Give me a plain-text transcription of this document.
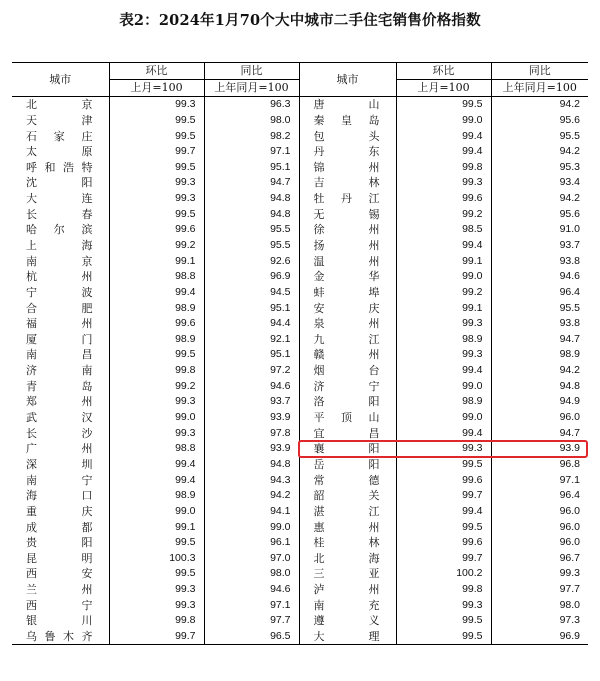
表2：2024年1月70个大中城市二手住宅销售价格指数
城市	环比	同比	城市	环比	同比
	上月=100	上年同月=100		上月=100	上年同月=100
北京	99.3	96.3	唐山	99.5	94.2
天津	99.5	98.0	秦皇岛	99.0	95.6
石家庄	99.5	98.2	包头	99.4	95.5
太原	99.7	97.1	丹东	99.4	94.2
呼和浩特	99.5	95.1	锦州	99.8	95.3
沈阳	99.3	94.7	吉林	99.3	93.4
大连	99.3	94.8	牡丹江	99.6	94.2
长春	99.5	94.8	无锡	99.2	95.6
哈尔滨	99.6	95.5	徐州	98.5	91.0
上海	99.2	95.5	扬州	99.4	93.7
南京	99.1	92.6	温州	99.1	93.8
杭州	98.8	96.9	金华	99.0	94.6
宁波	99.4	94.5	蚌埠	99.2	96.4
合肥	98.9	95.1	安庆	99.1	95.5
福州	99.6	94.4	泉州	99.3	93.8
厦门	98.9	92.1	九江	98.9	94.7
南昌	99.5	95.1	赣州	99.3	98.9
济南	99.8	97.2	烟台	99.4	94.2
青岛	99.2	94.6	济宁	99.0	94.8
郑州	99.3	93.7	洛阳	98.9	94.9
武汉	99.0	93.9	平顶山	99.0	96.0
长沙	99.3	97.8	宜昌	99.4	94.7
广州	98.8	93.9	襄阳	99.3	93.9
深圳	99.4	94.8	岳阳	99.5	96.8
南宁	99.4	94.3	常德	99.6	97.1
海口	98.9	94.2	韶关	99.7	96.4
重庆	99.0	94.1	湛江	99.4	96.0
成都	99.1	99.0	惠州	99.5	96.0
贵阳	99.5	96.1	桂林	99.6	96.0
昆明	100.3	97.0	北海	99.7	96.7
西安	99.5	98.0	三亚	100.2	99.3
兰州	99.3	94.6	泸州	99.8	97.7
西宁	99.3	97.1	南充	99.3	98.0
银川	99.8	97.7	遵义	99.5	97.3
乌鲁木齐	99.7	96.5	大理	99.5	96.9
